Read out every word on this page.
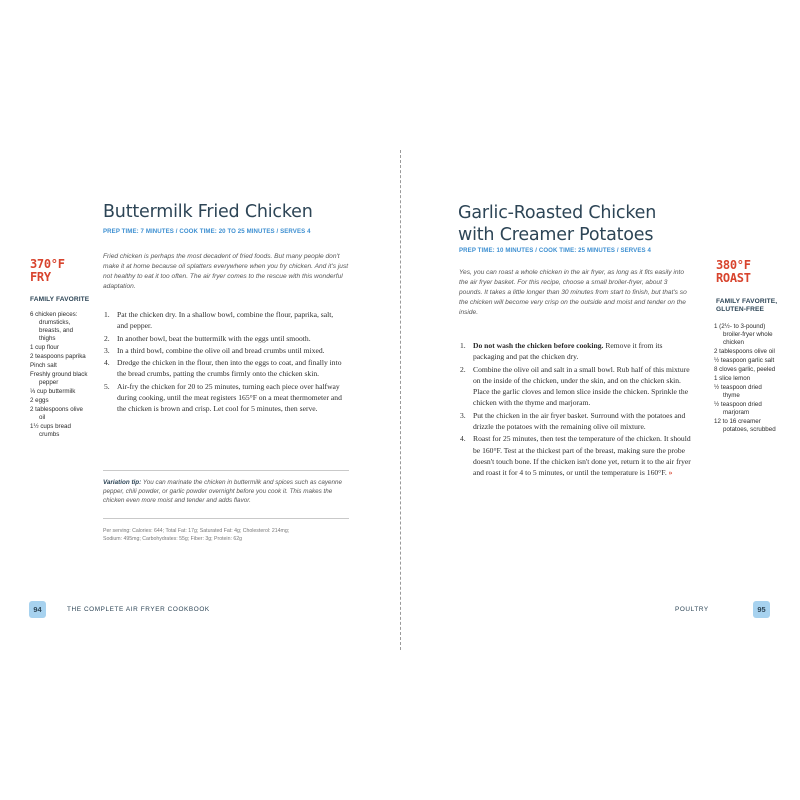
Buttermilk Fried Chicken
PREP TIME: 7 MINUTES / COOK TIME: 20 TO 25 MINUTES / SERVES 4
370°F
FRY
FAMILY FAVORITE
6 chicken pieces: drumsticks, breasts, and thighs
1 cup flour
2 teaspoons paprika
Pinch salt
Freshly ground black pepper
⅓ cup buttermilk
2 eggs
2 tablespoons olive oil
1½ cups bread crumbs

Fried chicken is perhaps the most decadent of fried foods. But many people don't make it at home because oil splatters everywhere when you fry chicken. And it's just not healthy to eat it too often. The air fryer comes to the rescue with this wonderful adaptation.

1. Pat the chicken dry. In a shallow bowl, combine the flour, paprika, salt, and pepper.
2. In another bowl, beat the buttermilk with the eggs until smooth.
3. In a third bowl, combine the olive oil and bread crumbs until mixed.
4. Dredge the chicken in the flour, then into the eggs to coat, and finally into the bread crumbs, patting the crumbs firmly onto the chicken skin.
5. Air-fry the chicken for 20 to 25 minutes, turning each piece over halfway during cooking, until the meat registers 165°F on a meat thermometer and the chicken is brown and crisp. Let cool for 5 minutes, then serve.

Variation tip: You can marinate the chicken in buttermilk and spices such as cayenne pepper, chili powder, or garlic powder overnight before you cook it. This makes the chicken even more moist and tender and adds flavor.

Per serving: Calories: 644; Total Fat: 17g; Saturated Fat: 4g; Cholesterol: 214mg;
Sodium: 495mg; Carbohydrates: 55g; Fiber: 3g; Protein: 62g

94	THE COMPLETE AIR FRYER COOKBOOK
Garlic-Roasted Chicken
with Creamer Potatoes
PREP TIME: 10 MINUTES / COOK TIME: 25 MINUTES / SERVES 4
380°F
ROAST
FAMILY FAVORITE,
GLUTEN-FREE
1 (2½- to 3-pound) broiler-fryer whole chicken
2 tablespoons olive oil
½ teaspoon garlic salt
8 cloves garlic, peeled
1 slice lemon
½ teaspoon dried thyme
½ teaspoon dried marjoram
12 to 16 creamer potatoes, scrubbed

Yes, you can roast a whole chicken in the air fryer, as long as it fits easily into the air fryer basket. For this recipe, choose a small broiler-fryer, about 3 pounds. It takes a little longer than 30 minutes from start to finish, but that's so the chicken will become very crisp on the outside and moist and tender on the inside.

1. Do not wash the chicken before cooking. Remove it from its packaging and pat the chicken dry.
2. Combine the olive oil and salt in a small bowl. Rub half of this mixture on the inside of the chicken, under the skin, and on the chicken skin. Place the garlic cloves and lemon slice inside the chicken. Sprinkle the chicken with the thyme and marjoram.
3. Put the chicken in the air fryer basket. Surround with the potatoes and drizzle the potatoes with the remaining olive oil mixture.
4. Roast for 25 minutes, then test the temperature of the chicken. It should be 160°F. Test at the thickest part of the breast, making sure the probe doesn't touch bone. If the chicken isn't done yet, return it to the air fryer and roast it for 4 to 5 minutes, or until the temperature is 160°F. »
POULTRY	95
